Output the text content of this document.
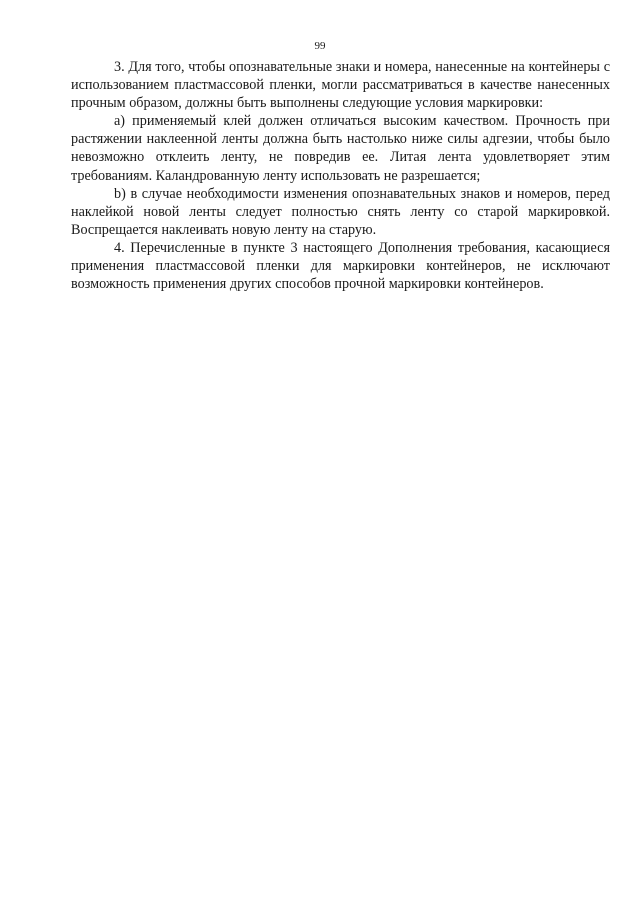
99

3. Для того, чтобы опознавательные знаки и номера, нанесенные на контейнеры с использованием пластмассовой пленки, могли рассматриваться в качестве нанесенных прочным образом, должны быть выполнены следующие условия маркировки:

a) применяемый клей должен отличаться высоким качеством. Прочность при растяжении наклеенной ленты должна быть настолько ниже силы адгезии, чтобы было невозможно отклеить ленту, не повредив ее. Литая лента удовлетворяет этим требованиям. Каландрованную ленту использовать не разрешается;

b) в случае необходимости изменения опознавательных знаков и номеров, перед наклейкой новой ленты следует полностью снять ленту со старой маркировкой. Воспрещается наклеивать новую ленту на старую.

4. Перечисленные в пункте 3 настоящего Дополнения требования, касающиеся применения пластмассовой пленки для маркировки контейнеров, не исключают возможность применения других способов прочной маркировки контейнеров.
